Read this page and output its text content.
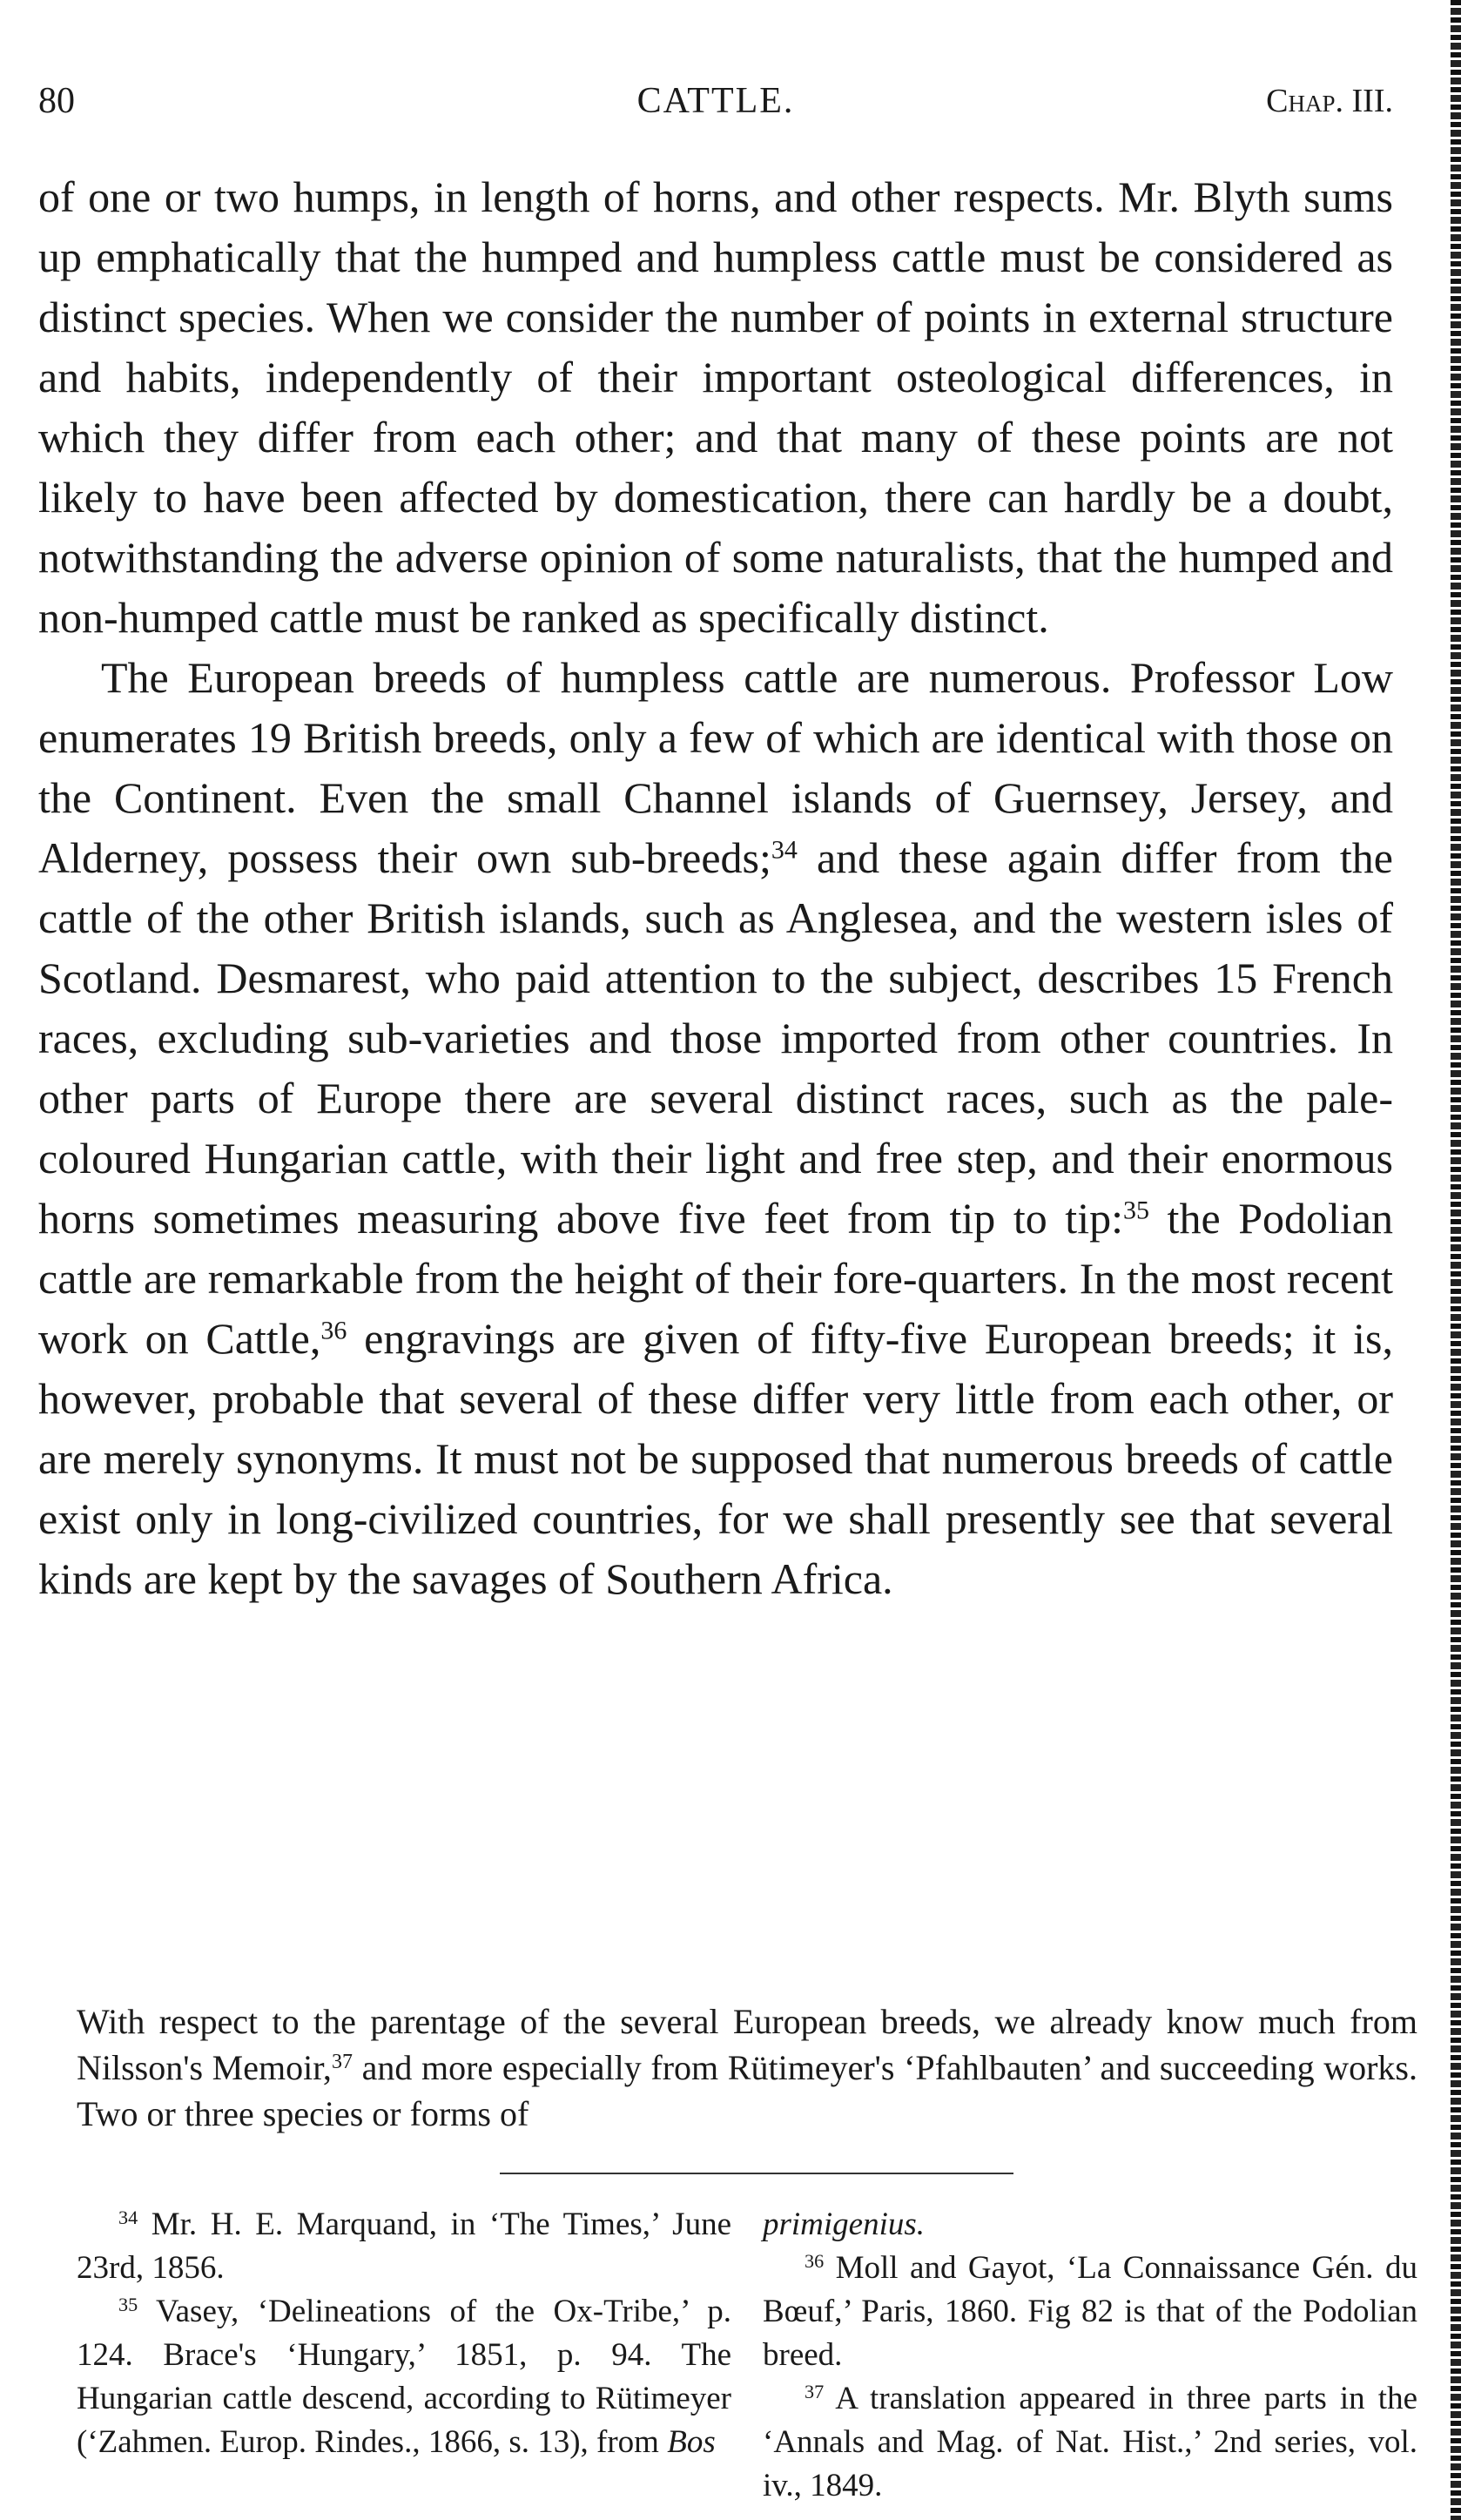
80	CATTLE.	Chap. III.

of one or two humps, in length of horns, and other respects. Mr. Blyth sums up emphatically that the humped and humpless cattle must be considered as distinct species. When we consider the number of points in external structure and habits, independently of their important osteological differences, in which they differ from each other; and that many of these points are not likely to have been affected by domestication, there can hardly be a doubt, notwithstanding the adverse opinion of some naturalists, that the humped and non-humped cattle must be ranked as specifically distinct.

The European breeds of humpless cattle are numerous. Professor Low enumerates 19 British breeds, only a few of which are identical with those on the Continent. Even the small Channel islands of Guernsey, Jersey, and Alderney, possess their own sub-breeds;$^{34}$ and these again differ from the cattle of the other British islands, such as Anglesea, and the western isles of Scotland. Desmarest, who paid attention to the subject, describes 15 French races, excluding sub-varieties and those imported from other countries. In other parts of Europe there are several distinct races, such as the pale-coloured Hungarian cattle, with their light and free step, and their enormous horns sometimes measuring above five feet from tip to tip:$^{35}$ the Podolian cattle are remarkable from the height of their fore-quarters. In the most recent work on Cattle,$^{36}$ engravings are given of fifty-five European breeds; it is, however, probable that several of these differ very little from each other, or are merely synonyms. It must not be supposed that numerous breeds of cattle exist only in long-civilized countries, for we shall presently see that several kinds are kept by the savages of Southern Africa.

With respect to the parentage of the several European breeds, we already know much from Nilsson's Memoir,$^{37}$ and more especially from Rütimeyer's ‘Pfahlbauten’ and succeeding works. Two or three species or forms of

$^{34}$ Mr. H. E. Marquand, in ‘The Times,’ June 23rd, 1856.

$^{35}$ Vasey, ‘Delineations of the Ox-Tribe,’ p. 124. Brace's ‘Hungary,’ 1851, p. 94. The Hungarian cattle descend, according to Rütimeyer (‘Zahmen. Europ. Rindes., 1866, s. 13), from Bos

primigenius.

$^{36}$ Moll and Gayot, ‘La Connaissance Gén. du Bœuf,’ Paris, 1860. Fig 82 is that of the Podolian breed.

$^{37}$ A translation appeared in three parts in the ‘Annals and Mag. of Nat. Hist.,’ 2nd series, vol. iv., 1849.
